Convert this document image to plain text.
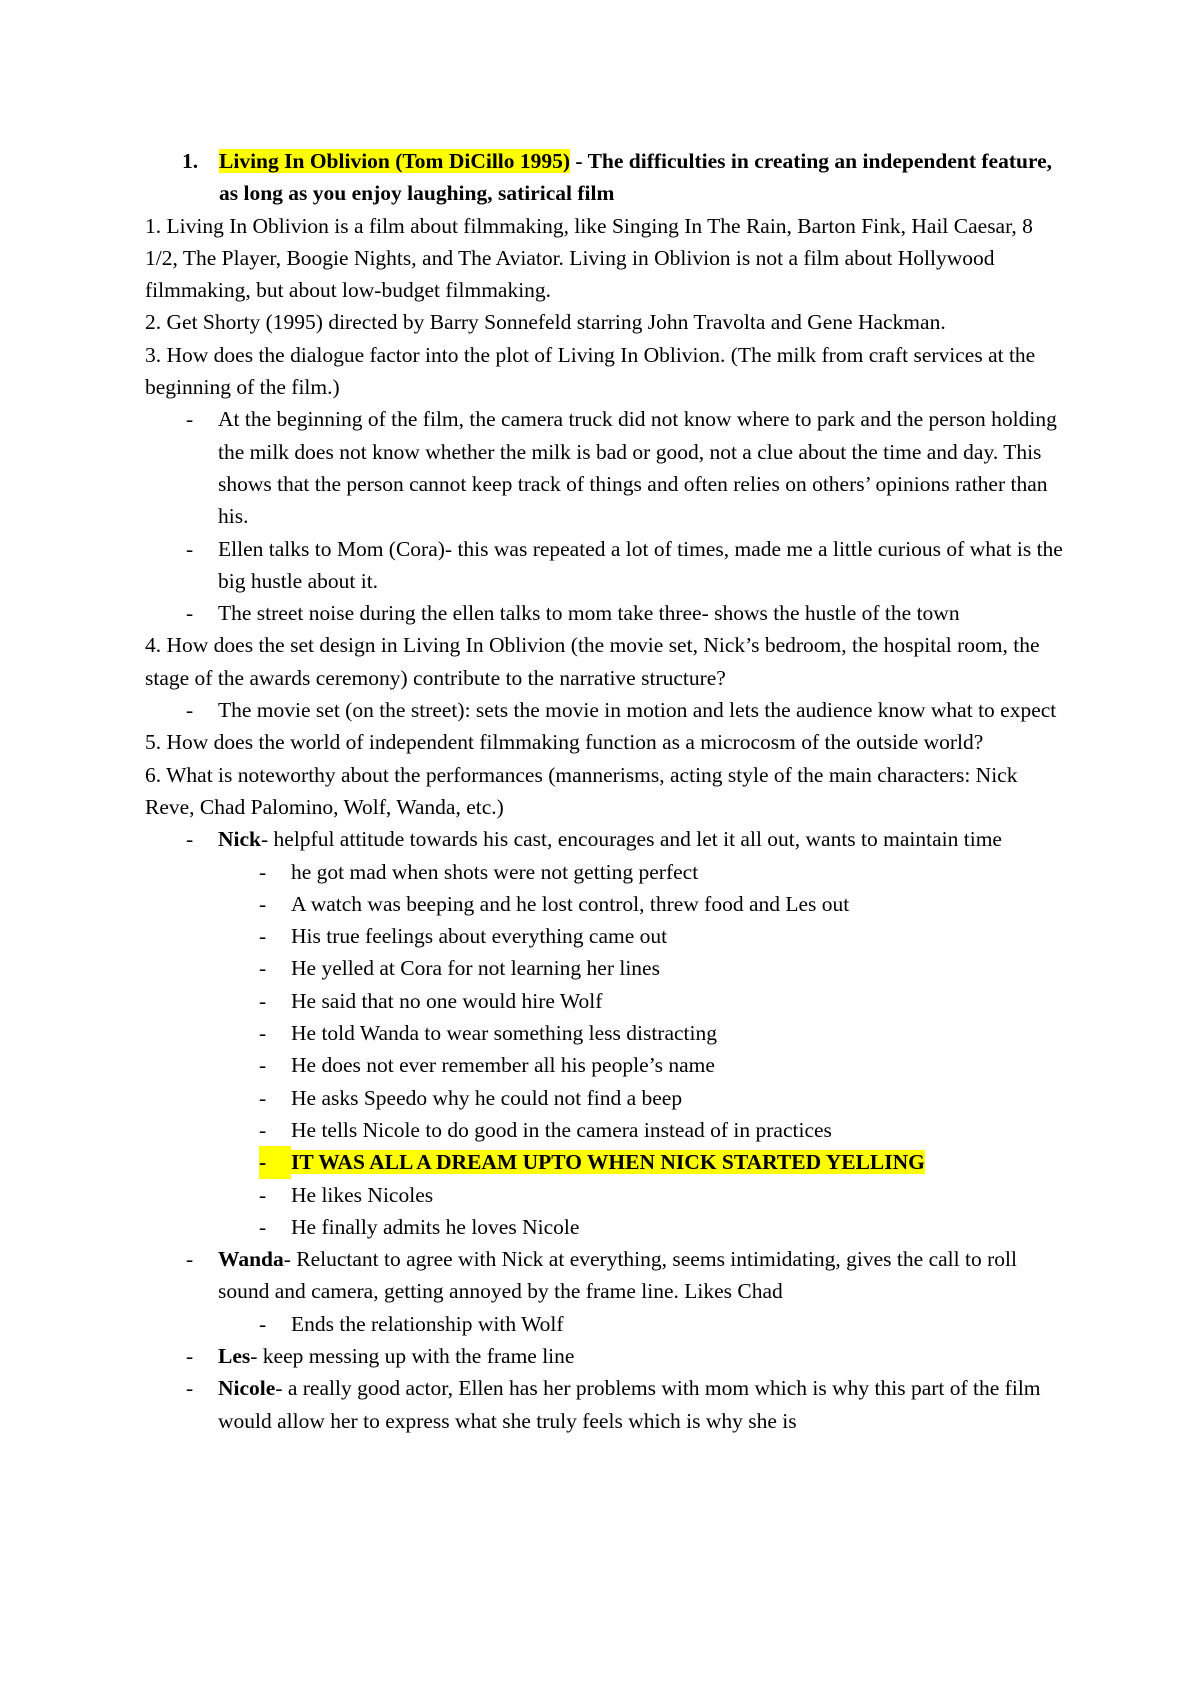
1. Living In Oblivion (Tom DiCillo 1995) - The difficulties in creating an independent feature, as long as you enjoy laughing, satirical film
1. Living In Oblivion is a film about filmmaking, like Singing In The Rain, Barton Fink, Hail Caesar, 8 1/2, The Player, Boogie Nights, and The Aviator. Living in Oblivion is not a film about Hollywood filmmaking, but about low-budget filmmaking.
2. Get Shorty (1995) directed by Barry Sonnefeld starring John Travolta and Gene Hackman.
3. How does the dialogue factor into the plot of Living In Oblivion. (The milk from craft services at the beginning of the film.)
-	At the beginning of the film, the camera truck did not know where to park and the person holding the milk does not know whether the milk is bad or good, not a clue about the time and day. This shows that the person cannot keep track of things and often relies on others’ opinions rather than his.
-	Ellen talks to Mom (Cora)- this was repeated a lot of times, made me a little curious of what is the big hustle about it.
-	The street noise during the ellen talks to mom take three- shows the hustle of the town
4. How does the set design in Living In Oblivion (the movie set, Nick’s bedroom, the hospital room, the stage of the awards ceremony) contribute to the narrative structure?
-	The movie set (on the street): sets the movie in motion and lets the audience know what to expect
5. How does the world of independent filmmaking function as a microcosm of the outside world?
6. What is noteworthy about the performances (mannerisms, acting style of the main characters: Nick Reve, Chad Palomino, Wolf, Wanda, etc.)
-	Nick- helpful attitude towards his cast, encourages and let it all out, wants to maintain time
-	he got mad when shots were not getting perfect
-	A watch was beeping and he lost control, threw food and Les out
-	His true feelings about everything came out
-	He yelled at Cora for not learning her lines
-	He said that no one would hire Wolf
-	He told Wanda to wear something less distracting
-	He does not ever remember all his people’s name
-	He asks Speedo why he could not find a beep
-	He tells Nicole to do good in the camera instead of in practices
-	IT WAS ALL A DREAM UPTO WHEN NICK STARTED YELLING
-	He likes Nicoles
-	He finally admits he loves Nicole
-	Wanda- Reluctant to agree with Nick at everything, seems intimidating, gives the call to roll sound and camera, getting annoyed by the frame line. Likes Chad
-	Ends the relationship with Wolf
-	Les- keep messing up with the frame line
-	Nicole- a really good actor, Ellen has her problems with mom which is why this part of the film would allow her to express what she truly feels which is why she is
